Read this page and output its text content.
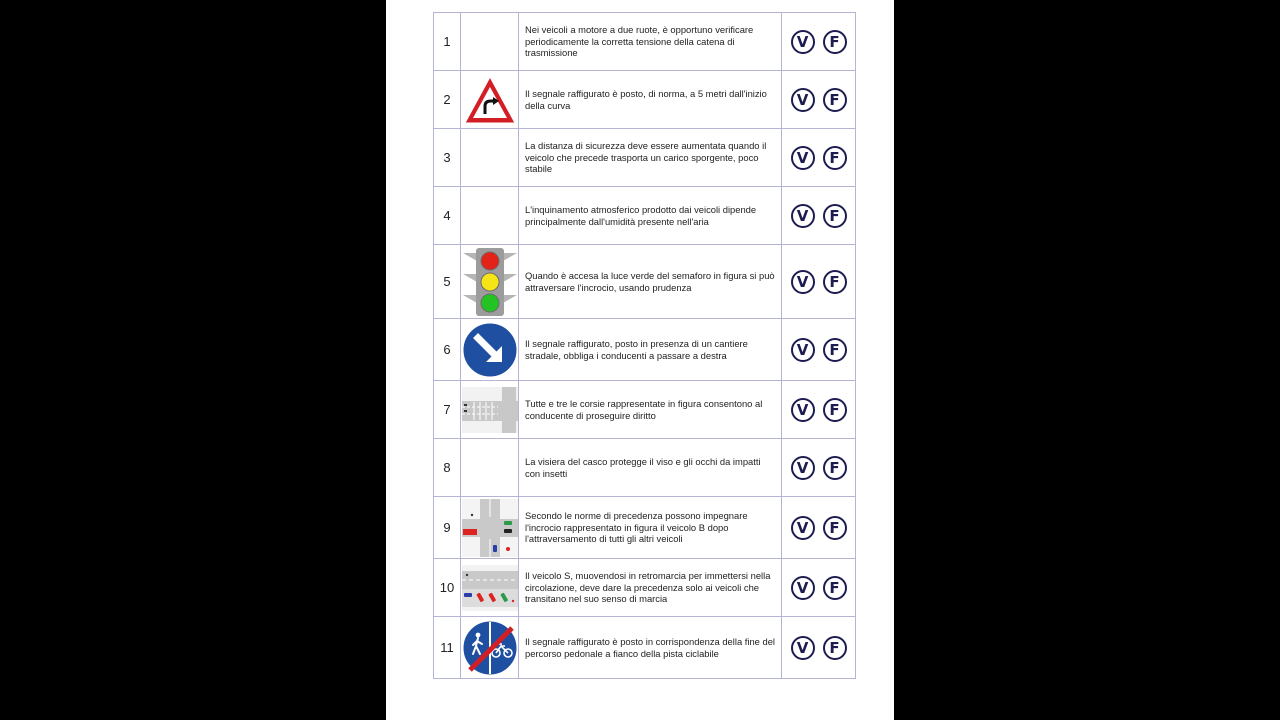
1		Nei veicoli a motore a due ruote, è opportuno verificare periodicamente la corretta tensione della catena di trasmissione	V F
2		Il segnale raffigurato è posto, di norma, a 5 metri dall'inizio della curva	V F
3		La distanza di sicurezza deve essere aumentata quando il veicolo che precede trasporta un carico sporgente, poco stabile	V F
4		L'inquinamento atmosferico prodotto dai veicoli dipende principalmente dall'umidità presente nell'aria	V F
5		Quando è accesa la luce verde del semaforo in figura si può attraversare l'incrocio, usando prudenza	V F
6		Il segnale raffigurato, posto in presenza di un cantiere stradale, obbliga i conducenti a passare a destra	V F
7		Tutte e tre le corsie rappresentate in figura consentono al conducente di proseguire diritto	V F
8		La visiera del casco protegge il viso e gli occhi da impatti con insetti	V F
9		Secondo le norme di precedenza possono impegnare l'incrocio rappresentato in figura il veicolo B dopo l'attraversamento di tutti gli altri veicoli	V F
10		Il veicolo S, muovendosi in retromarcia per immettersi nella circolazione, deve dare la precedenza solo ai veicoli che transitano nel suo senso di marcia	V F
11		Il segnale raffigurato è posto in corrispondenza della fine del percorso pedonale a fianco della pista ciclabile	V F
